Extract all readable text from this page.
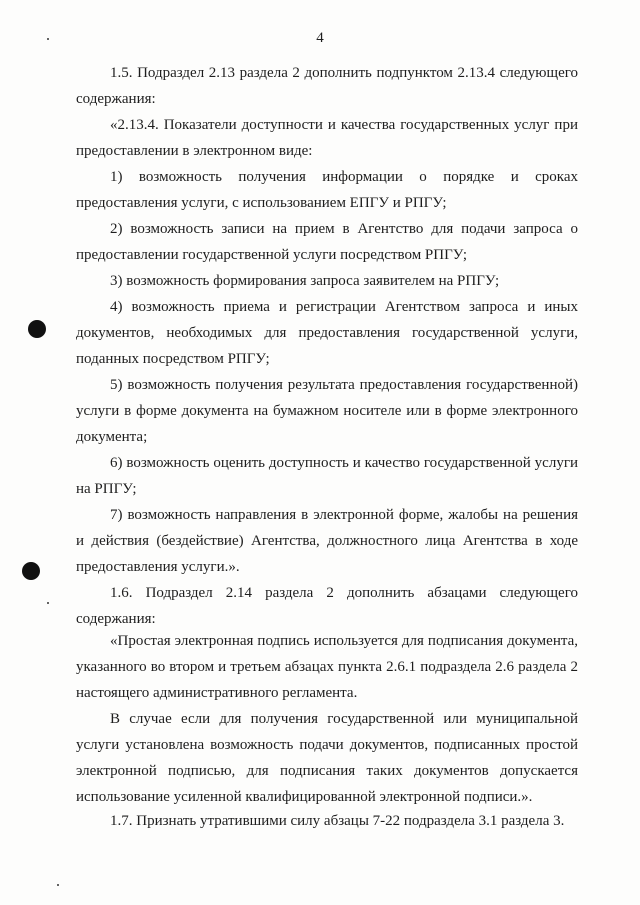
4

1.5. Подраздел 2.13 раздела 2 дополнить подпунктом 2.13.4 следующего содержания:

«2.13.4. Показатели доступности и качества государственных услуг при предоставлении в электронном виде:

1) возможность получения информации о порядке и сроках предоставления услуги, с использованием ЕПГУ и РПГУ;

2) возможность записи на прием в Агентство для подачи запроса о предоставлении государственной услуги посредством РПГУ;

3) возможность формирования запроса заявителем на РПГУ;

4) возможность приема и регистрации Агентством запроса и иных документов, необходимых для предоставления государственной услуги, поданных посредством РПГУ;

5) возможность получения результата предоставления государственной) услуги в форме документа на бумажном носителе или в форме электронного документа;

6) возможность оценить доступность и качество государственной услуги на РПГУ;

7) возможность направления в электронной форме, жалобы на решения и действия (бездействие) Агентства, должностного лица Агентства в ходе предоставления услуги.».

1.6. Подраздел 2.14 раздела 2 дополнить абзацами следующего содержания:

«Простая электронная подпись используется для подписания документа, указанного во втором и третьем абзацах пункта 2.6.1 подраздела 2.6 раздела 2 настоящего административного регламента.

В случае если для получения государственной или муниципальной услуги установлена возможность подачи документов, подписанных простой электронной подписью, для подписания таких документов допускается использование усиленной квалифицированной электронной подписи.».

1.7. Признать утратившими силу абзацы 7-22 подраздела 3.1 раздела 3.
